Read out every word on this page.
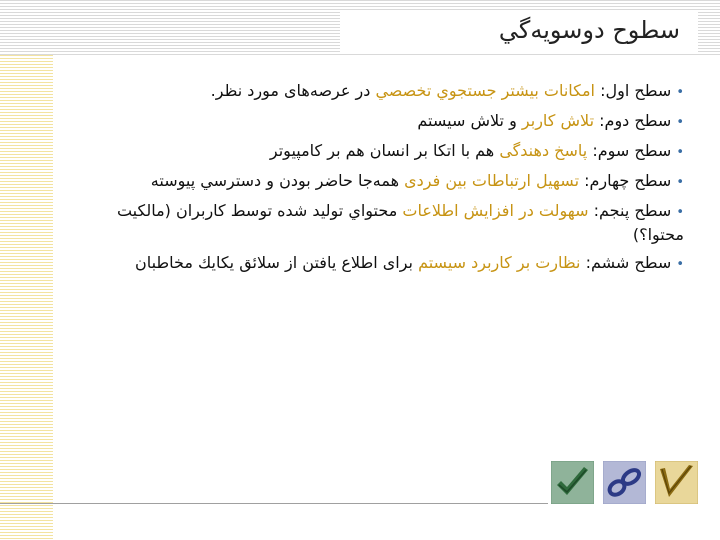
سطوح دوسويه‌گي

• سطح اول: امكانات بيشتر جستجوي تخصصي در عرصه‌های مورد نظر.

• سطح دوم: تلاش کاربر و تلاش سيستم

• سطح سوم: پاسخ دهندگی هم با اتكا بر انسان هم بر كامپيوتر

• سطح چهارم: تسهيل ارتباطات بين فردی همه‌جا حاضر بودن و دسترسي پيوسته

• سطح پنجم: سهولت در افزايش اطلاعات محتواي توليد شده توسط كاربران (مالكيت محتوا؟)

• سطح ششم: نظارت بر كاربرد سيستم براى اطلاع يافتن از سلائق يكايك مخاطبان
